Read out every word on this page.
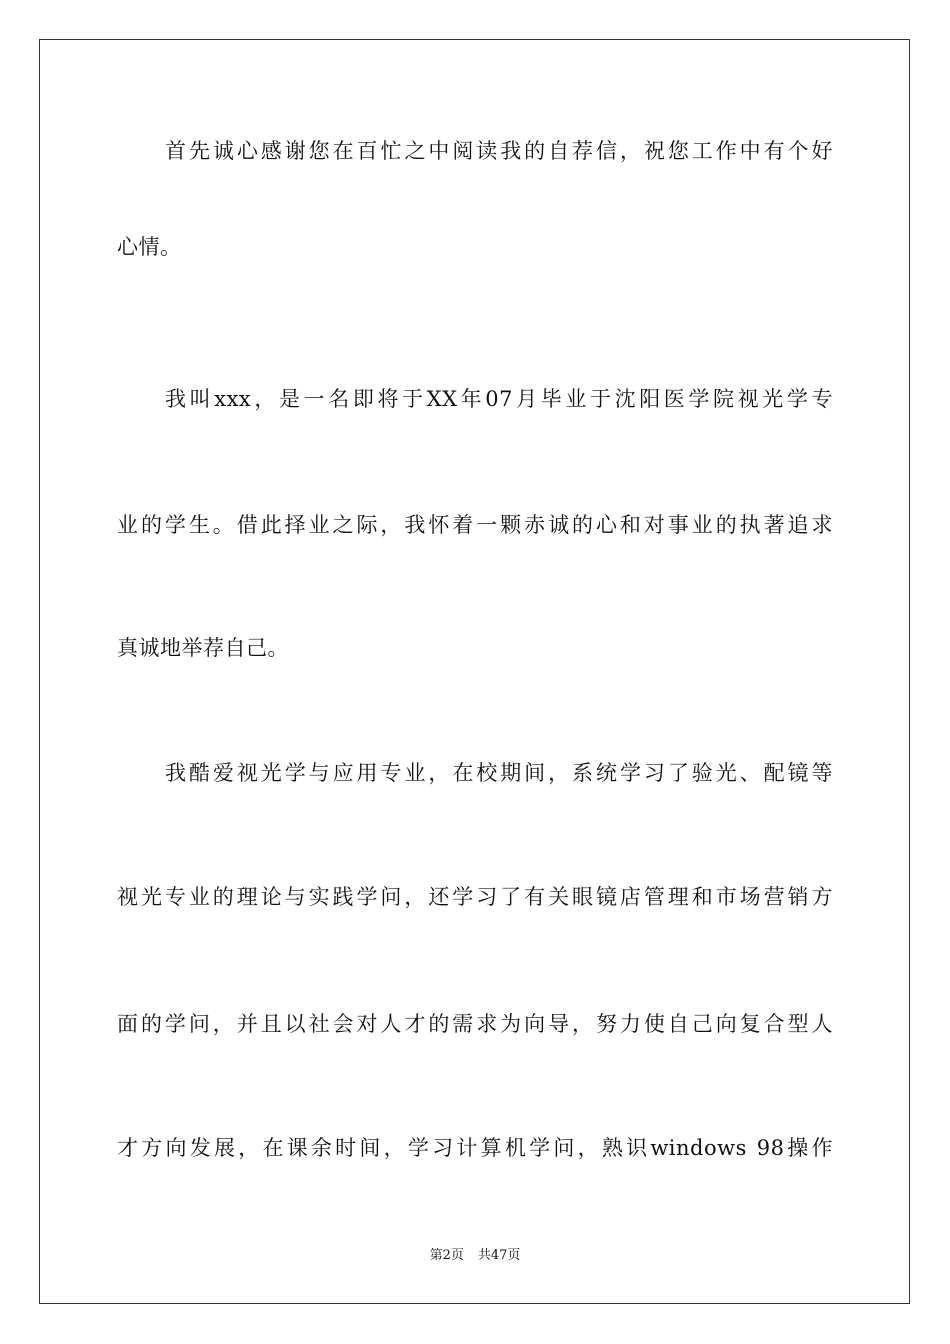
首先诚心感谢您在百忙之中阅读我的自荐信，祝您工作中有个好
心情。
我叫xxx，是一名即将于XX年07月毕业于沈阳医学院视光学专
业的学生。借此择业之际，我怀着一颗赤诚的心和对事业的执著追求
真诚地举荐自己。
我酷爱视光学与应用专业，在校期间，系统学习了验光、配镜等
视光专业的理论与实践学问，还学习了有关眼镜店管理和市场营销方
面的学问，并且以社会对人才的需求为向导，努力使自己向复合型人
才方向发展，在课余时间，学习计算机学问，熟识windows 98操作
第2页 共47页
